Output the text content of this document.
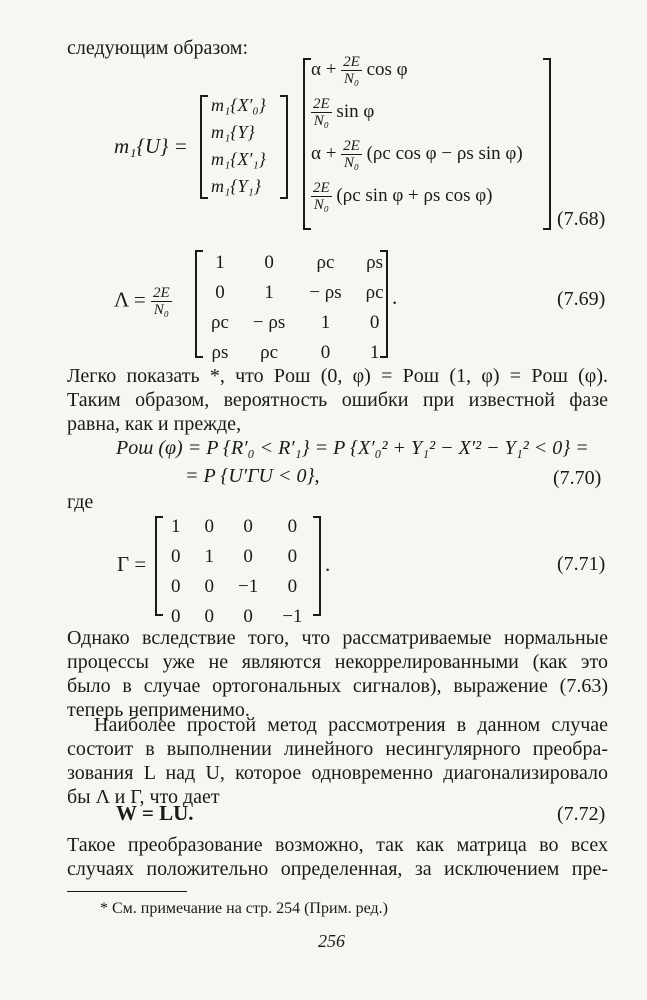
следующим образом:
m₁{U} =
m₁{X′₀}
m₁{Y}
m₁{X′₁}
m₁{Y₁}
$\alpha + \frac{2E}{\text{N₀}}$ cos φ
$\frac{2E}{\text{N₀}}$ sin φ
$\alpha + \frac{2E}{\text{N₀}} (\rho c$ cos φ − ρs sin φ)
$\frac{2E}{\text{N₀}} (\rho c$ sin φ + ρs cos φ)
(7.68)
$\Lambda = \frac{2E}{\text{N₀}}$
1	0	ρc	ρs
0	1	− ρs	ρc
ρc	− ρs	1	0
ρs	ρc	0	1
.	(7.69)
Легко показать *, что Pош (0, φ) = Pош (1, φ) = Pош (φ).
Таким образом, вероятность ошибки при известной фазе
равна, как и прежде,
Pош (φ) = P {R′₀ < R′₁} = P {X′₀² + Y₁² − X′² − Y₁² < 0} =
= P {U′ΓU < 0},	(7.70)
где
Γ =
1	0	0	0
0	1	0	0
0	0	−1	0
0	0	0	−1
.	(7.71)
Однако вследствие того, что рассматриваемые нормальные
процессы уже не являются некоррелированными (как это
было в случае ортогональных сигналов), выражение (7.63)
теперь неприменимо.
Наиболее простой метод рассмотрения в данном случае
состоит в выполнении линейного несингулярного преобра-
зования L над U, которое одновременно диагонализировало
бы Λ и Γ, что дает
W = LU.	(7.72)
Такое преобразование возможно, так как матрица во всех
случаях положительно определенная, за исключением пре-
* См. примечание на стр. 254 (Прим. ред.)
256
